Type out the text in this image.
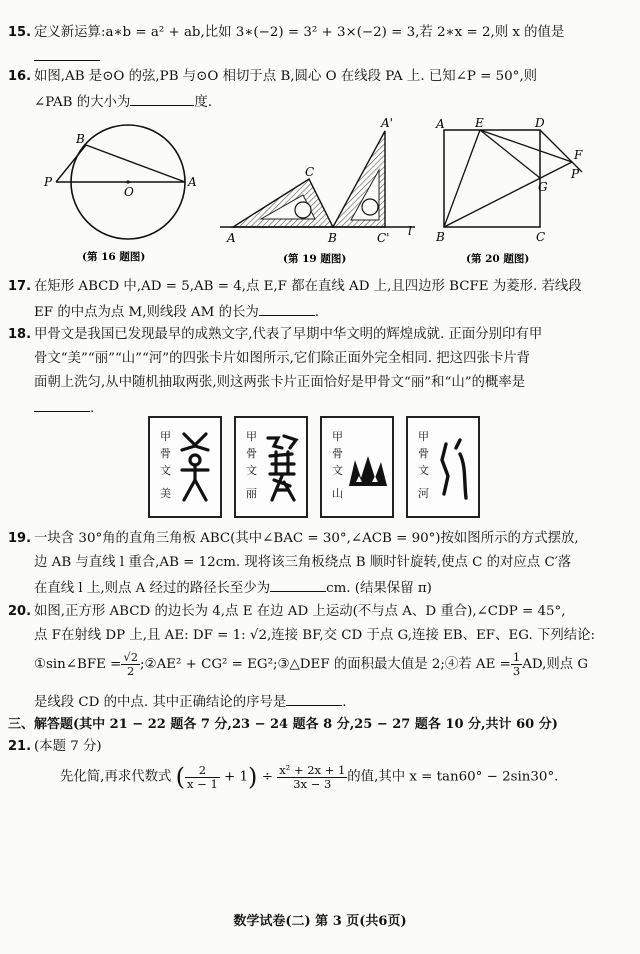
15. 定义新运算:a∗b = a² + ab,比如 3∗(−2) = 3² + 3×(−2) = 3,若 2∗x = 2,则 x 的值是
16. 如图,AB 是⊙O 的弦,PB 与⊙O 相切于点 B,圆心 O 在线段 PA 上. 已知∠P = 50°,则
∠PAB 的大小为	度.
B
P
O
A
(第 16 题图)
A
C
B
A'
C' l
(第 19 题图)
A	E	D
F
P
G
B	C
(第 20 题图)
17. 在矩形 ABCD 中,AD = 5,AB = 4,点 E,F 都在直线 AD 上,且四边形 BCFE 为菱形. 若线段
EF 的中点为点 M,则线段 AM 的长为	.
18. 甲骨文是我国已发现最早的成熟文字,代表了早期中华文明的辉煌成就. 正面分别印有甲
骨文“美”“丽”“山”“河”的四张卡片如图所示,它们除正面外完全相同. 把这四张卡片背
面朝上洗匀,从中随机抽取两张,则这两张卡片正面恰好是甲骨文“丽”和“山”的概率是
.
甲骨文
美
甲骨文
丽
甲骨文
山
甲骨文
河
19. 一块含 30°角的直角三角板 ABC(其中∠BAC = 30°,∠ACB = 90°)按如图所示的方式摆放,
边 AB 与直线 l 重合,AB = 12cm. 现将该三角板绕点 B 顺时针旋转,使点 C 的对应点 C′落
在直线 l 上,则点 A 经过的路径长至少为	cm. (结果保留 π)
20. 如图,正方形 ABCD 的边长为 4,点 E 在边 AD 上运动(不与点 A、D 重合),∠CDP = 45°,
点 F在射线 DP 上,且 AE: DF = 1: √2,连接 BF,交 CD 于点 G,连接 EB、EF、EG. 下列结论:
①sin∠BFE = $\frac{√2}{2}$ ;②AE² + CG² = EG²;③△DEF 的面积最大值是 2;④若 AE = $\frac{1}{3}$ AD,则点 G
是线段 CD 的中点. 其中正确结论的序号是	.
三、解答题(其中 21 − 22 题各 7 分,23 − 24 题各 8 分,25 − 27 题各 10 分,共计 60 分)
21. (本题 7 分)
先化简,再求代数式 ( $\frac{2}{x - 1} + 1) \div \frac{\text{x² + 2x + 1}}{3x - 3}$ 的值,其中 x = tan60° − 2sin30°.
数学试卷(二) 第 3 页(共6页)
